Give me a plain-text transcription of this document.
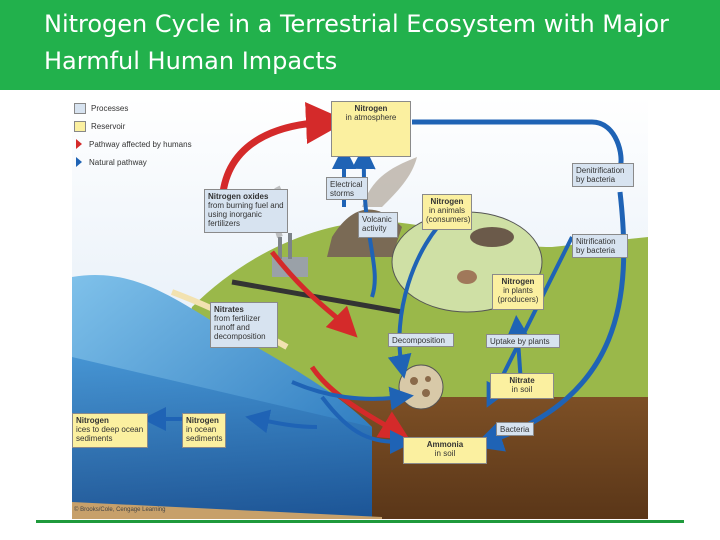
Nitrogen Cycle in a Terrestrial Ecosystem with Major Harmful Human Impacts
Processes
Reservoir
Pathway affected by humans
Natural pathway
Nitrogen
in atmosphere
Nitrogen
in animals (consumers)
Nitrogen
in plants (producers)
Nitrate
in soil
Ammonia
in soil
Nitrogen
ices to deep ocean sediments
Nitrogen
in ocean sediments
Nitrogen oxides
from burning fuel and using inorganic fertilizers
Nitrates
from fertilizer runoff and decomposition
Electrical storms
Volcanic activity
Denitrification by bacteria
Nitrification by bacteria
Decomposition	Uptake by plants
Bacteria
© Brooks/Cole, Cengage Learning
